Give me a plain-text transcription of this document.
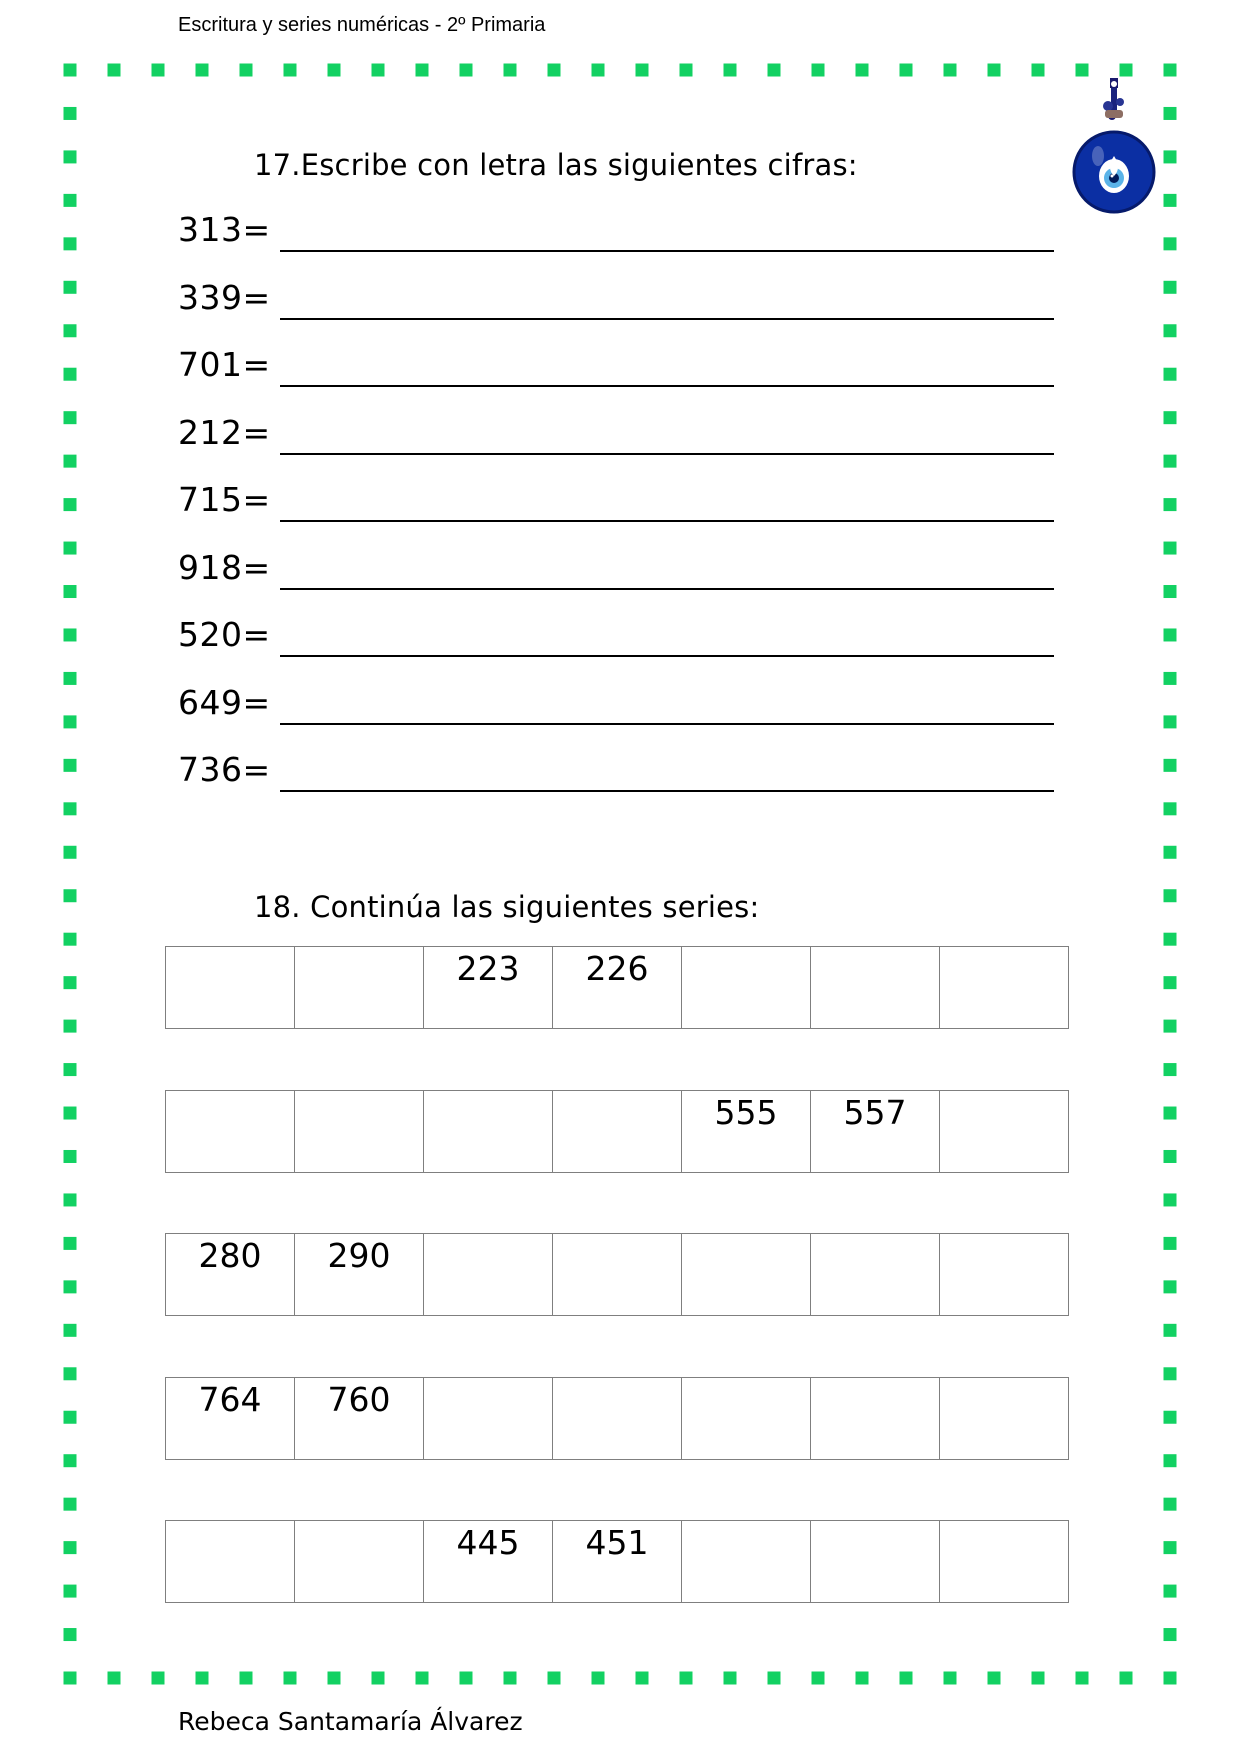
Escritura y series numéricas - 2º Primaria
17.Escribe con letra las siguientes cifras:
313=
339=
701=
212=
715=
918=
520=
649=
736=
18. Continúa las siguientes series:
		223	226			
				555	557	
280	290					
764	760					
		445	451			
Rebeca Santamaría Álvarez
